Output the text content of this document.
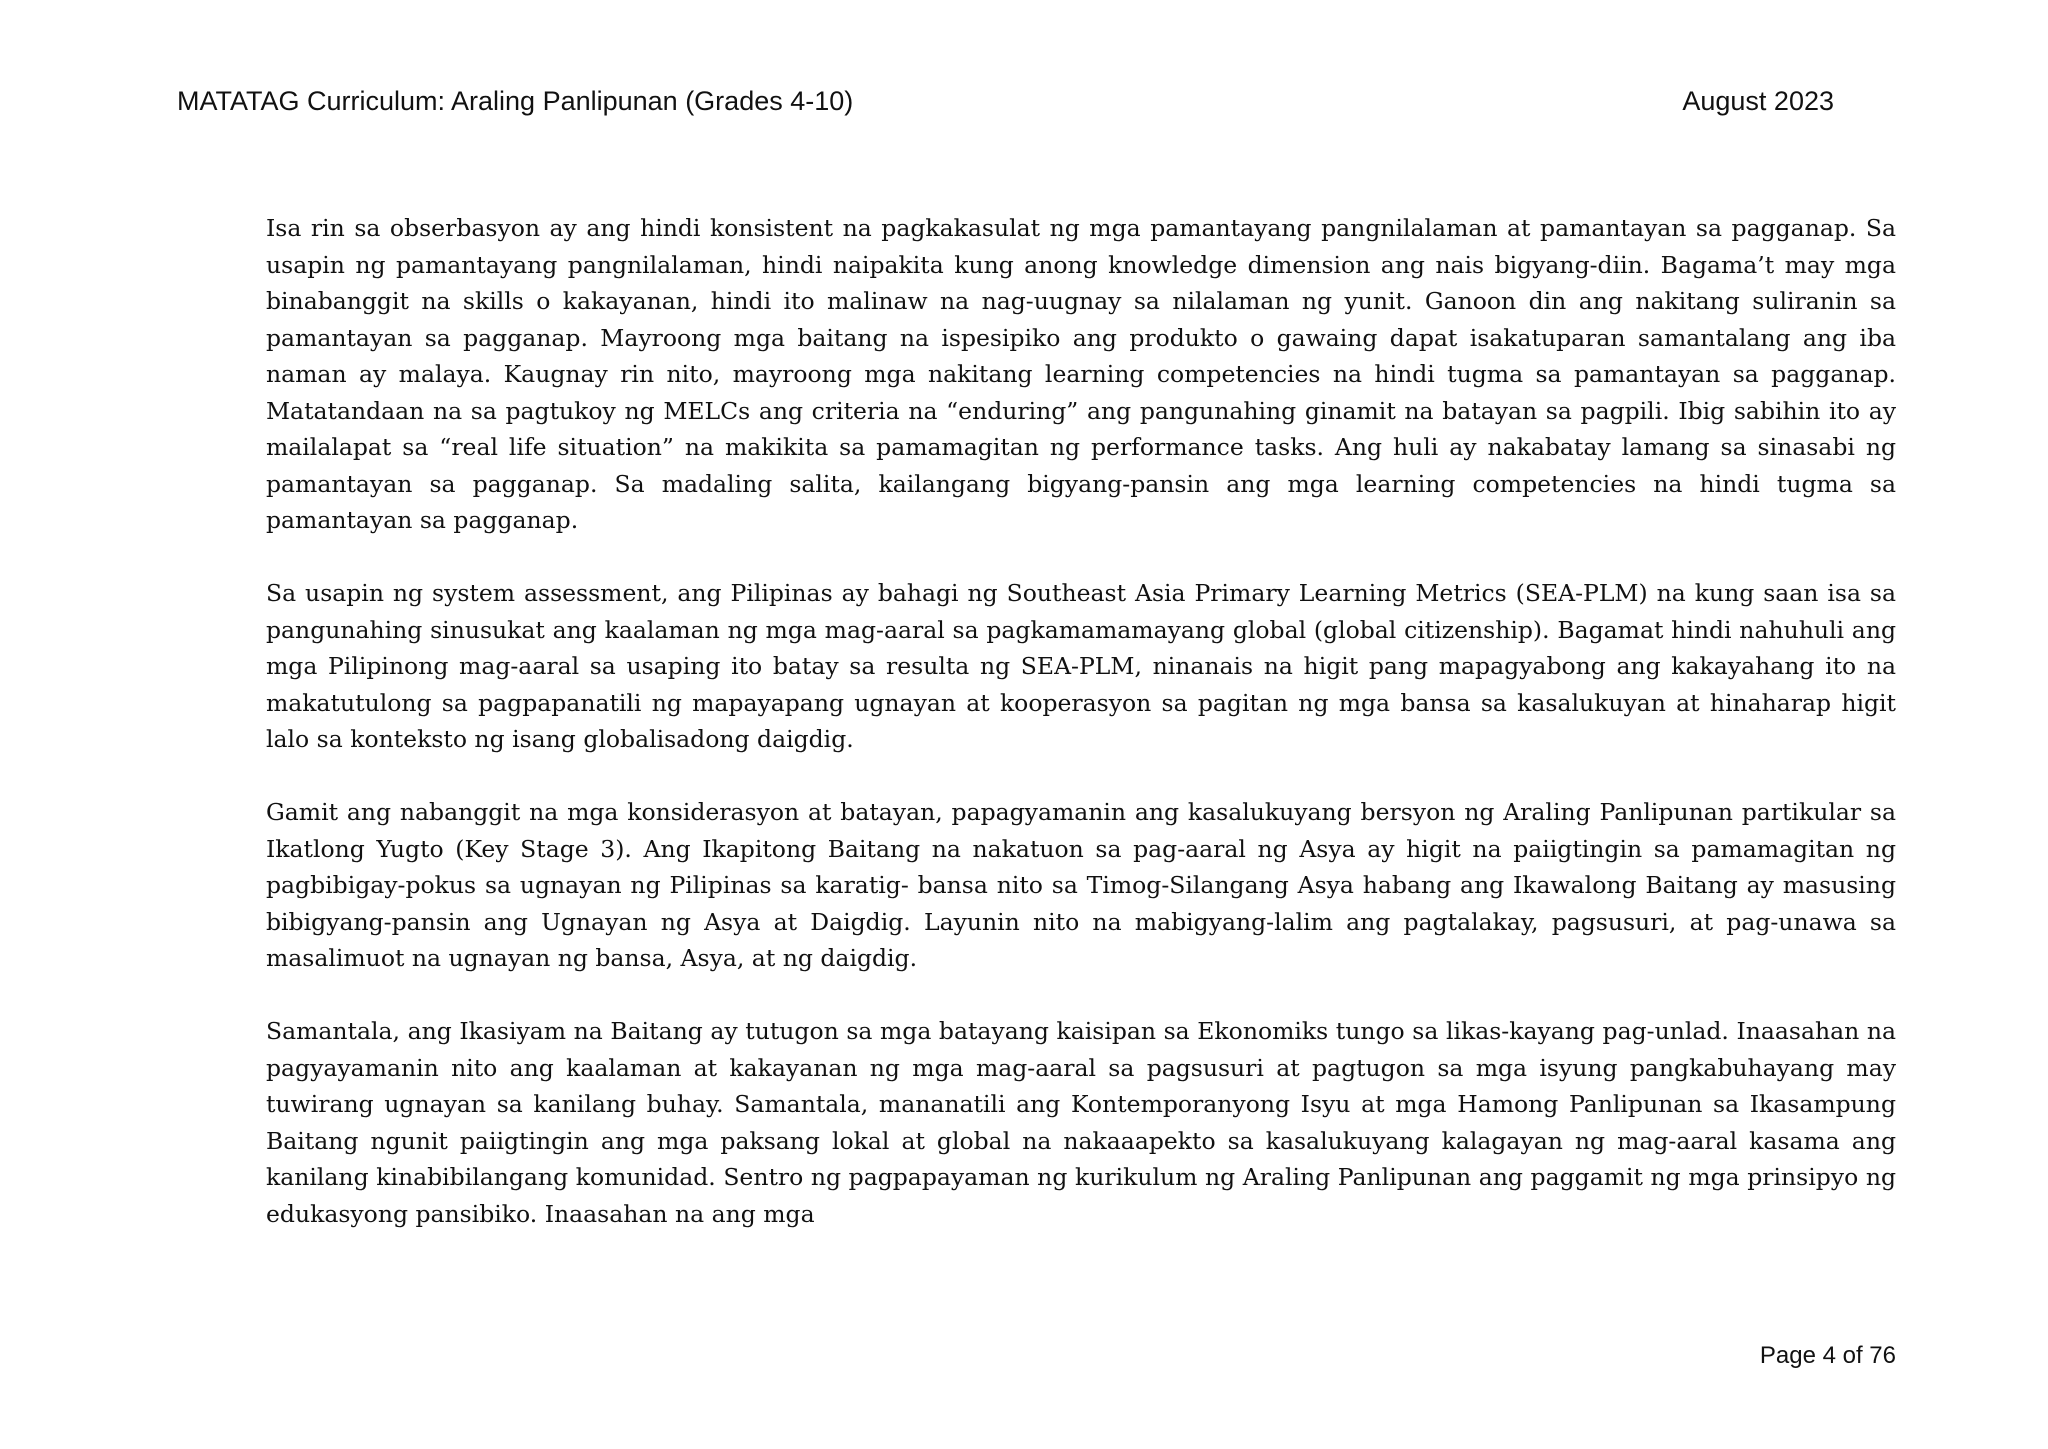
MATATAG Curriculum: Araling Panlipunan (Grades 4-10)	August 2023

Isa rin sa obserbasyon ay ang hindi konsistent na pagkakasulat ng mga pamantayang pangnilalaman at pamantayan sa pagganap. Sa usapin ng pamantayang pangnilalaman, hindi naipakita kung anong knowledge dimension ang nais bigyang-diin. Bagama’t may mga binabanggit na skills o kakayanan, hindi ito malinaw na nag-uugnay sa nilalaman ng yunit. Ganoon din ang nakitang suliranin sa pamantayan sa pagganap. Mayroong mga baitang na ispesipiko ang produkto o gawaing dapat isakatuparan samantalang ang iba naman ay malaya. Kaugnay rin nito, mayroong mga nakitang learning competencies na hindi tugma sa pamantayan sa pagganap. Matatandaan na sa pagtukoy ng MELCs ang criteria na “enduring” ang pangunahing ginamit na batayan sa pagpili. Ibig sabihin ito ay mailalapat sa “real life situation” na makikita sa pamamagitan ng performance tasks. Ang huli ay nakabatay lamang sa sinasabi ng pamantayan sa pagganap. Sa madaling salita, kailangang bigyang-pansin ang mga learning competencies na hindi tugma sa pamantayan sa pagganap.

Sa usapin ng system assessment, ang Pilipinas ay bahagi ng Southeast Asia Primary Learning Metrics (SEA-PLM) na kung saan isa sa pangunahing sinusukat ang kaalaman ng mga mag-aaral sa pagkamamamayang global (global citizenship). Bagamat hindi nahuhuli ang mga Pilipinong mag-aaral sa usaping ito batay sa resulta ng SEA-PLM, ninanais na higit pang mapagyabong ang kakayahang ito na makatutulong sa pagpapanatili ng mapayapang ugnayan at kooperasyon sa pagitan ng mga bansa sa kasalukuyan at hinaharap higit lalo sa konteksto ng isang globalisadong daigdig.

Gamit ang nabanggit na mga konsiderasyon at batayan, papagyamanin ang kasalukuyang bersyon ng Araling Panlipunan partikular sa Ikatlong Yugto (Key Stage 3). Ang Ikapitong Baitang na nakatuon sa pag-aaral ng Asya ay higit na paiigtingin sa pamamagitan ng pagbibigay-pokus sa ugnayan ng Pilipinas sa karatig- bansa nito sa Timog-Silangang Asya habang ang Ikawalong Baitang ay masusing bibigyang-pansin ang Ugnayan ng Asya at Daigdig. Layunin nito na mabigyang-lalim ang pagtalakay, pagsusuri, at pag-unawa sa masalimuot na ugnayan ng bansa, Asya, at ng daigdig.

Samantala, ang Ikasiyam na Baitang ay tutugon sa mga batayang kaisipan sa Ekonomiks tungo sa likas-kayang pag-unlad. Inaasahan na pagyayamanin nito ang kaalaman at kakayanan ng mga mag-aaral sa pagsusuri at pagtugon sa mga isyung pangkabuhayang may tuwirang ugnayan sa kanilang buhay. Samantala, mananatili ang Kontemporanyong Isyu at mga Hamong Panlipunan sa Ikasampung Baitang ngunit paiigtingin ang mga paksang lokal at global na nakaaapekto sa kasalukuyang kalagayan ng mag-aaral kasama ang kanilang kinabibilangang komunidad. Sentro ng pagpapayaman ng kurikulum ng Araling Panlipunan ang paggamit ng mga prinsipyo ng edukasyong pansibiko. Inaasahan na ang mga

Page 4 of 76
